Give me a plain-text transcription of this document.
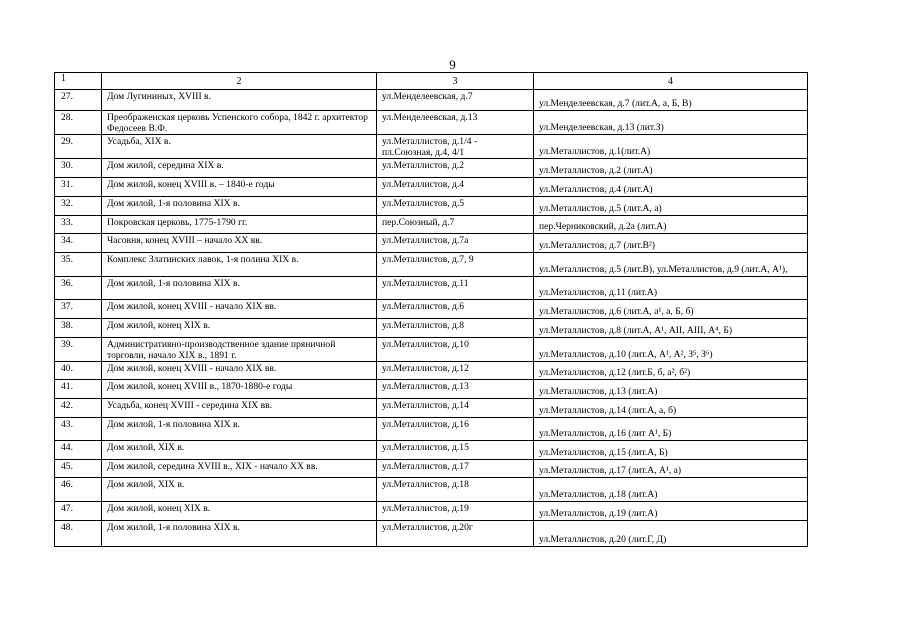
9
1	2	3	4
27.	Дом Лугининых, XVIII в.	ул.Менделеевская, д.7	ул.Менделеевская, д.7 (лит.А, а, Б, В)
28.	Преображенская церковь Успенского собора, 1842 г. архитектор Федосеев В.Ф.	ул.Менделеевская, д.13	ул.Менделеевская, д.13 (лит.З)
29.	Усадьба, XIX в.	ул.Металлистов, д.1/4 - пл.Союзная, д.4, 4/1	ул.Металлистов, д.1(лит.А)
30.	Дом жилой, середина XIX в.	ул.Металлистов, д.2	ул.Металлистов, д.2 (лит.А)
31.	Дом жилой, конец XVIII в. – 1840-е годы	ул.Металлистов, д.4	ул.Металлистов, д.4 (лит.А)
32.	Дом жилой, 1-я половина XIX в.	ул.Металлистов, д.5	ул.Металлистов, д.5 (лит.А, а)
33.	Покровская церковь, 1775-1790 гг.	пер.Союзный, д.7	пер.Черниковский, д.2а (лит.А)
34.	Часовня, конец XVIII – начало XX вв.	ул.Металлистов, д.7а	ул.Металлистов, д.7 (лит.В²)
35.	Комплекс Златинских лавок, 1-я полина XIX в.	ул.Металлистов, д.7, 9	ул.Металлистов, д.5 (лит.В), ул.Металлистов, д.9 (лит.А, А¹),
36.	Дом жилой, 1-я половина XIX в.	ул.Металлистов, д.11	ул.Металлистов, д.11 (лит.А)
37.	Дом жилой, конец XVIII - начало XIX вв.	ул.Металлистов, д.6	ул.Металлистов, д.6 (лит.А, а¹, а, Б, б)
38.	Дом жилой, конец XIX в.	ул.Металлистов, д.8	ул.Металлистов, д.8 (лит.А, А¹, АII, АIII, А⁴, Б)
39.	Административно-производственное здание пряничной торговли, начало XIX в., 1891 г.	ул.Металлистов, д.10	ул.Металлистов, д.10 (лит.А, А¹, А², З⁵, З⁶)
40.	Дом жилой, конец XVIII - начало XIX вв.	ул.Металлистов, д.12	ул.Металлистов, д.12 (лит.Б, б, а², б²)
41.	Дом жилой, конец XVIII в., 1870-1880-е годы	ул.Металлистов, д.13	ул.Металлистов, д.13 (лит.А)
42.	Усадьба, конец XVIII - середина XIX вв.	ул.Металлистов, д.14	ул.Металлистов, д.14 (лит.А, а, б)
43.	Дом жилой, 1-я половина XIX в.	ул.Металлистов, д.16	ул.Металлистов, д.16 (лит А¹, Б)
44.	Дом жилой, XIX в.	ул.Металлистов, д.15	ул.Металлистов, д.15 (лит.А, Б)
45.	Дом жилой, середина XVIII в., XIX - начало XX вв.	ул.Металлистов, д.17	ул.Металлистов, д.17 (лит.А, А¹, а)
46.	Дом жилой, XIX в.	ул.Металлистов, д.18	ул.Металлистов, д.18 (лит.А)
47.	Дом жилой, конец XIX в.	ул.Металлистов, д.19	ул.Металлистов, д.19 (лит.А)
48.	Дом жилой, 1-я половина XIX в.	ул.Металлистов, д.20г	ул.Металлистов, д.20 (лит.Г, Д)
